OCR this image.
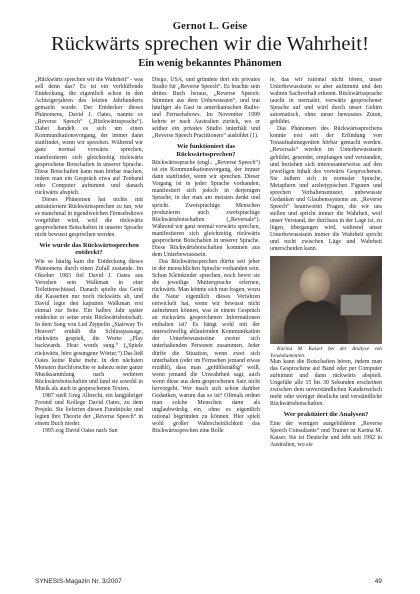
Gernot L. Geise
Rückwärts sprechen wir die Wahrheit!
Ein wenig bekanntes Phänomen

„Rückwärts sprechen wir die Wahrheit“ - was soll denn das? Es ist ein verblüffende Entdeckung, die eigentlich schon in den Achtzigerjahren des letzten Jahrhunderts gemacht wurde. Der Entdecker dieses Phänomens, David J. Oates, nannte es „Reverse Speech“ („Rückwärtssprache“). Dabei handelt es sich um einen Kommunikationsvorgang, der immer dann stattfindet, wenn wir sprechen. Während wir ganz normal vorwärts sprechen, manifestieren sich gleichzeitig rückwärts gesprochene Botschaften in unserer Sprache. Diese Botschaften kann man hörbar machen, indem man ein Gespräch etwa auf Tonband oder Computer aufnimmt und danach rückwärts abspielt.

Dieses Phänomen hat nichts mit antrainiertem Rückwärtssprechen zu tun, wie es manchmal in irgendwelchen Fernsehshows vorgeführt wird, weil die rückwärts gesprochenen Botschaften in unserer Sprache nicht bewusst gesprochen werden.

Wie wurde das Rückwärtssprechen entdeckt?

Wie so häufig kam die Entdeckung dieses Phänomens durch einen Zufall zustande. Im Oktober 1983 fiel David J. Oates aus Versehen sein Walkman in eine Toilettenschüssel. Danach spielte das Gerät die Kassetten nur noch rückwärts ab, und David legte den kaputten Walkman erst einmal zur Seite. Ein halbes Jahr später entdeckte er seine erste Rückwärtsbotschaft. In dem Song von Led Zeppelin „Stairway To Heaven“ enthält die Schlusspassage, rückwärts gespielt, die Worte: „Play backwards. Hear words sung.“ („Spiele rückwärts, höre gesungene Wörter.“) Das ließ Oates keine Ruhe mehr. In den nächsten Monaten durchforschte er nahezu seine ganze Musiksammlung nach weiteren Rückwärtsbotschaften und fand sie sowohl in Musik als auch in gesprochenen Texten.

1987 stieß Greg Albrecht, ein langjähriger Freund und Kollege David Oates, zu dem Projekt. Sie lieferten diesen Fundstücke und legten ihre Theorie der „Reverse Speech“ in einem Buch nieder.

1995 zog David Oates nach San

Diego, USA, und gründete dort ein privates Studio für „Reverse Speech“. Es brachte sein drittes Buch heraus, „Reverse Speech: Stimmen aus dem Unbewussten“, und trat häufiger als Gast in amerikanischen Radio- und Fernsehshows. Im November 1999 kehrte er nach Australien zurück, wo er seither ein privates Studio unterhält und „Reverse Speech Practitioners“ ausbildet (1).

Wie funktioniert das Rückwärtssprechen?

Rückwärtssprache (engl.: „Reverse Speech“) ist ein Kommunikationsvorgang, der immer dann stattfindet, wenn wir sprechen. Dieser Vorgang ist in jeder Sprache vorhanden, manifestiert sich jedoch in derjenigen Sprache, in der man am meisten denkt und spricht. Zweisprachige Menschen produzieren auch zweisprachige Rückwärtsbotschaften („Reversals“). Während wir ganz normal vorwärts sprechen, manifestieren sich gleichzeitig rückwärts gesprochene Botschaften in unserer Sprache. Diese Rückwärtsbotschaften kommen aus dem Unterbewusstsein.

Das Rückwärtssprechen dürfte seit jeher in der menschlichen Sprache vorhanden sein. Schon Kleinkinder sprechen, noch bevor sie die jeweilige Muttersprache erlernen, rückwärts. Man könnte sich nun fragen, wozu die Natur eigentlich dieses Verfahren entwickelt hat, wenn wir bewusst nicht aufnehmen können, was in einem Gespräch an rückwärts gesprochenen Informationen enthalten ist? Es hängt wohl mit der unterschwellig ablaufenden Kommunikation der Unterbewusstseine zweier sich unterhaltenden Personen zusammen. Jeder dürfte die Situation, wenn zwei sich unterhalten (oder im Fernsehen jemand etwas erzählt), dass man „gefühlsmäßig“ weiß, wenn jemand die Unwahrheit sagt, auch wenn diese aus dem gesprochenen Satz nicht hervorgeht. Wer mach sich schon darüber Gedanken, warum das so ist? Oftmals ordnet man solche Menschen dann als unglaubwürdig ein, ohne es eigentlich rational begründen zu können. Hier spielt wohl großer Wahrscheinlichkeit das Rückwärtssprechen eine Rolle

le, das wir rational nicht hören, unser Unterbewusstsein es aber aufnimmt und den wahren Sachverhalt erkennt. Rückwärtssprache taucht in normaler, vorwärts gesprochener Sprache auf und wird durch unser Gehirn automatisch, ohne unser bewusstes Zutun, gebildet.

Das Phänomen des Rückwärtssprechens konnte erst seit der Erfindung von Tonaufnahmegeräten hörbar gemacht werden. „Reversals“ werden im Unterbewusstsein gebildet, gesendet, empfangen und verstanden, und beziehen sich interessanterweise auf den jeweiligen Inhalt des vorwärts Gesprochenen. Sie äußern sich in normaler Sprache, Metaphern und archetypischen Figuren und sprechen Verhaltensmuster, unbewusste Gedanken und Glaubenssysteme an. „Reverse Speech“ beantwortet Fragen, die wir uns stellen und spricht immer die Wahrheit, weil unser Verstand, der durchaus in der Lage ist, zu lügen, übergangen wird, während unser Unterbewusstsein immer die Wahrheit spricht und nicht zwischen Lüge und Wahrheit unterscheiden kann.

Karina M. Kaiser bei der Analyse von Tondokumenten.

Man kann die Botschaften hören, indem man das Gesprochene auf Band oder per Computer aufnimmt und dann rückwärts abspielt. Ungefähr alle 15 bis 30 Sekunden erscheinen zwischen dem unverständlichen Kauderwelsch mehr oder weniger deutliche und verständliche Rückwärtsbotschaften.

Wer praktiziert die Analysen?

Eine der wenigen ausgebildeten „Reverse Speech Consultants“ und Trainer ist Karina M. Kaiser. Sie ist Deutsche und lebt seit 1992 in Australien, wo sie

SYNESIS-Magazin Nr. 3/2007	49
